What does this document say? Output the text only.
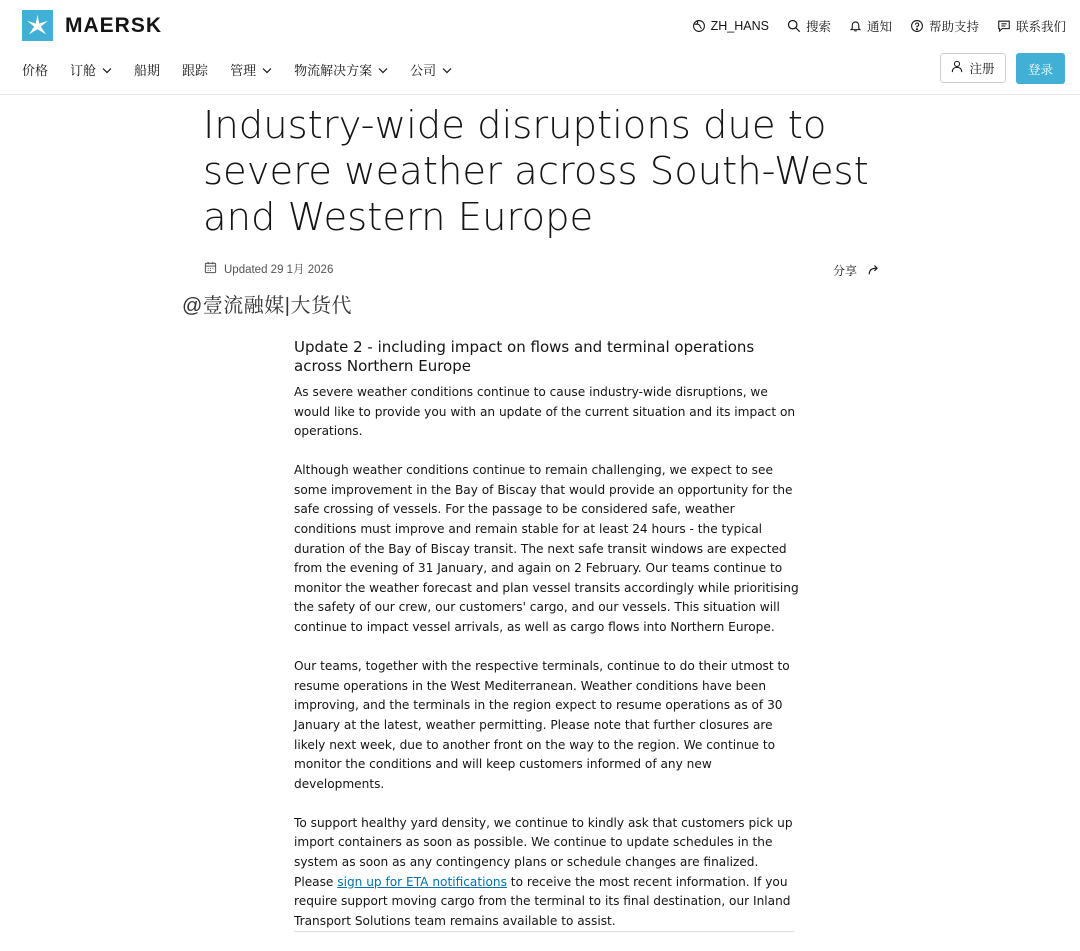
MAERSK	ZH_HANS	搜索	通知	帮助支持	联系我们
价格 订舱	船期 跟踪 管理	物流解决方案	公司	注册	登录
Industry-wide disruptions due to severe weather across South-West and Western Europe
Updated 29 1月 2026	分享
@壹流融媒|大货代
Update 2 - including impact on flows and terminal operations across Northern Europe

As severe weather conditions continue to cause industry-wide disruptions, we would like to provide you with an update of the current situation and its impact on operations.

Although weather conditions continue to remain challenging, we expect to see some improvement in the Bay of Biscay that would provide an opportunity for the safe crossing of vessels. For the passage to be considered safe, weather conditions must improve and remain stable for at least 24 hours - the typical duration of the Bay of Biscay transit. The next safe transit windows are expected from the evening of 31 January, and again on 2 February. Our teams continue to monitor the weather forecast and plan vessel transits accordingly while prioritising the safety of our crew, our customers' cargo, and our vessels. This situation will continue to impact vessel arrivals, as well as cargo flows into Northern Europe.

Our teams, together with the respective terminals, continue to do their utmost to resume operations in the West Mediterranean. Weather conditions have been improving, and the terminals in the region expect to resume operations as of 30 January at the latest, weather permitting. Please note that further closures are likely next week, due to another front on the way to the region. We continue to monitor the conditions and will keep customers informed of any new developments.

To support healthy yard density, we continue to kindly ask that customers pick up import containers as soon as possible. We continue to update schedules in the system as soon as any contingency plans or schedule changes are finalized. Please sign up for ETA notifications to receive the most recent information. If you require support moving cargo from the terminal to its final destination, our Inland Transport Solutions team remains available to assist.
